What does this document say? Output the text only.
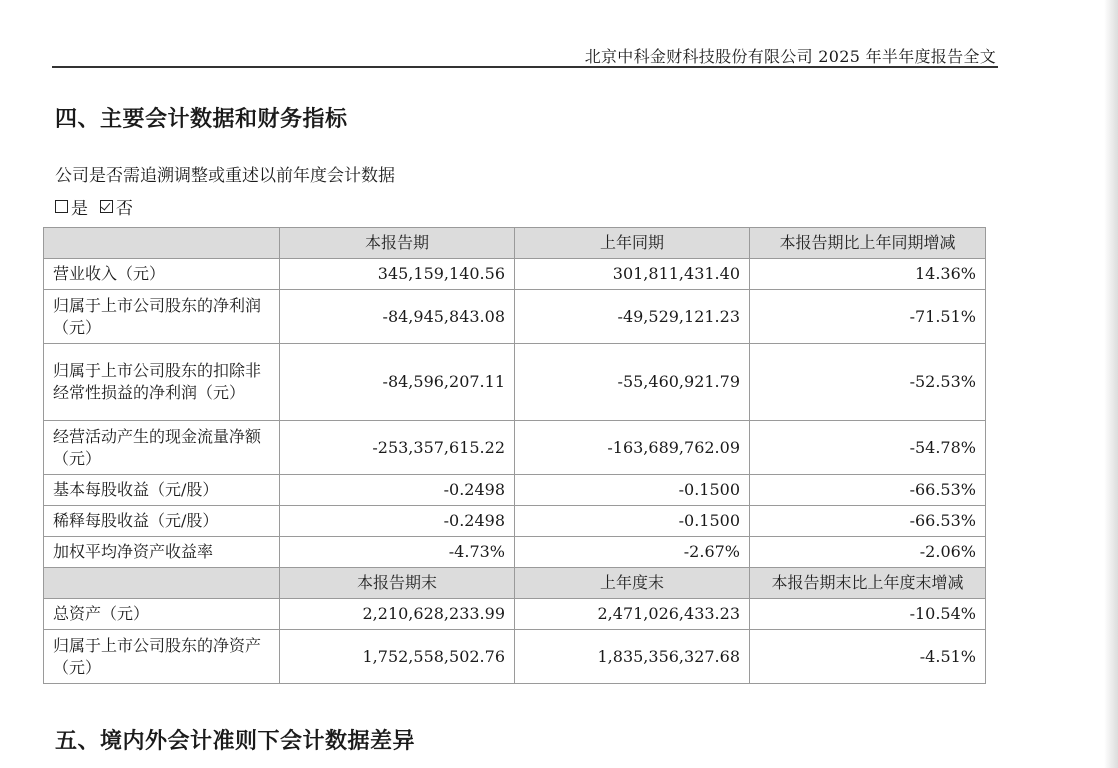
北京中科金财科技股份有限公司 2025 年半年度报告全文
四、主要会计数据和财务指标
公司是否需追溯调整或重述以前年度会计数据
是 否
	本报告期	上年同期	本报告期比上年同期增减
营业收入（元）	345,159,140.56	301,811,431.40	14.36%
归属于上市公司股东的净利润（元）	-84,945,843.08	-49,529,121.23	-71.51%
归属于上市公司股东的扣除非经常性损益的净利润（元）	-84,596,207.11	-55,460,921.79	-52.53%
经营活动产生的现金流量净额（元）	-253,357,615.22	-163,689,762.09	-54.78%
基本每股收益（元/股）	-0.2498	-0.1500	-66.53%
稀释每股收益（元/股）	-0.2498	-0.1500	-66.53%
加权平均净资产收益率	-4.73%	-2.67%	-2.06%
	本报告期末	上年度末	本报告期末比上年度末增减
总资产（元）	2,210,628,233.99	2,471,026,433.23	-10.54%
归属于上市公司股东的净资产（元）	1,752,558,502.76	1,835,356,327.68	-4.51%
五、境内外会计准则下会计数据差异
